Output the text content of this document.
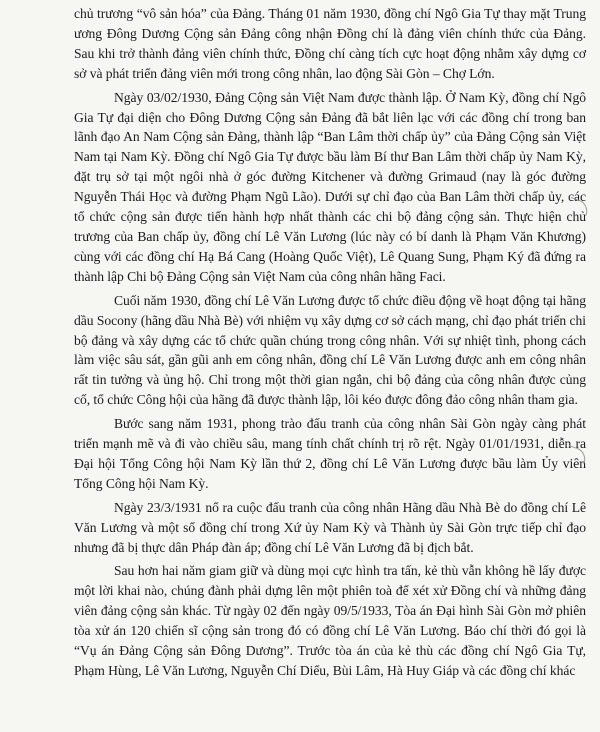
chủ trương “vô sản hóa” của Đảng. Tháng 01 năm 1930, đồng chí Ngô Gia Tự thay mặt Trung ương Đông Dương Cộng sản Đảng công nhận Đồng chí là đảng viên chính thức của Đảng. Sau khi trở thành đảng viên chính thức, Đồng chí càng tích cực hoạt động nhằm xây dựng cơ sở và phát triển đảng viên mới trong công nhân, lao động Sài Gòn – Chợ Lớn.

Ngày 03/02/1930, Đảng Cộng sản Việt Nam được thành lập. Ở Nam Kỳ, đồng chí Ngô Gia Tự đại diện cho Đông Dương Cộng sản Đảng đã bắt liên lạc với các đồng chí trong ban lãnh đạo An Nam Cộng sản Đảng, thành lập “Ban Lâm thời chấp ủy” của Đảng Cộng sản Việt Nam tại Nam Kỳ. Đồng chí Ngô Gia Tự được bầu làm Bí thư Ban Lâm thời chấp ủy Nam Kỳ, đặt trụ sở tại một ngôi nhà ở góc đường Kitchener và đường Grimaud (nay là góc đường Nguyễn Thái Học và đường Phạm Ngũ Lão). Dưới sự chỉ đạo của Ban Lâm thời chấp ủy, các tổ chức cộng sản được tiến hành hợp nhất thành các chi bộ đảng cộng sản. Thực hiện chủ trương của Ban chấp ủy, đồng chí Lê Văn Lương (lúc này có bí danh là Phạm Văn Khương) cùng với các đồng chí Hạ Bá Cang (Hoàng Quốc Việt), Lê Quang Sung, Phạm Ký đã đứng ra thành lập Chi bộ Đảng Cộng sản Việt Nam của công nhân hãng Faci.

Cuối năm 1930, đồng chí Lê Văn Lương được tổ chức điều động về hoạt động tại hãng dầu Socony (hãng dầu Nhà Bè) với nhiệm vụ xây dựng cơ sở cách mạng, chỉ đạo phát triển chi bộ đảng và xây dựng các tổ chức quần chúng trong công nhân. Với sự nhiệt tình, phong cách làm việc sâu sát, gần gũi anh em công nhân, đồng chí Lê Văn Lương được anh em công nhân rất tin tưởng và ủng hộ. Chỉ trong một thời gian ngắn, chi bộ đảng của công nhân được củng cố, tổ chức Công hội của hãng đã được thành lập, lôi kéo được đông đảo công nhân tham gia.

Bước sang năm 1931, phong trào đấu tranh của công nhân Sài Gòn ngày càng phát triển mạnh mẽ và đi vào chiều sâu, mang tính chất chính trị rõ rệt. Ngày 01/01/1931, diễn ra Đại hội Tổng Công hội Nam Kỳ lần thứ 2, đồng chí Lê Văn Lương được bầu làm Ủy viên Tổng Công hội Nam Kỳ.

Ngày 23/3/1931 nổ ra cuộc đấu tranh của công nhân Hãng dầu Nhà Bè do đồng chí Lê Văn Lương và một số đồng chí trong Xứ ủy Nam Kỳ và Thành ủy Sài Gòn trực tiếp chỉ đạo nhưng đã bị thực dân Pháp đàn áp; đồng chí Lê Văn Lương đã bị địch bắt.

Sau hơn hai năm giam giữ và dùng mọi cực hình tra tấn, kẻ thù vẫn không hề lấy được một lời khai nào, chúng đành phải dựng lên một phiên toà để xét xử Đồng chí và những đảng viên đảng cộng sản khác. Từ ngày 02 đến ngày 09/5/1933, Tòa án Đại hình Sài Gòn mở phiên tòa xử án 120 chiến sĩ cộng sản trong đó có đồng chí Lê Văn Lương. Báo chí thời đó gọi là “Vụ án Đảng Cộng sản Đông Dương”. Trước tòa án của kẻ thù các đồng chí Ngô Gia Tự, Phạm Hùng, Lê Văn Lương, Nguyễn Chí Diểu, Bùi Lâm, Hà Huy Giáp và các đồng chí khác
